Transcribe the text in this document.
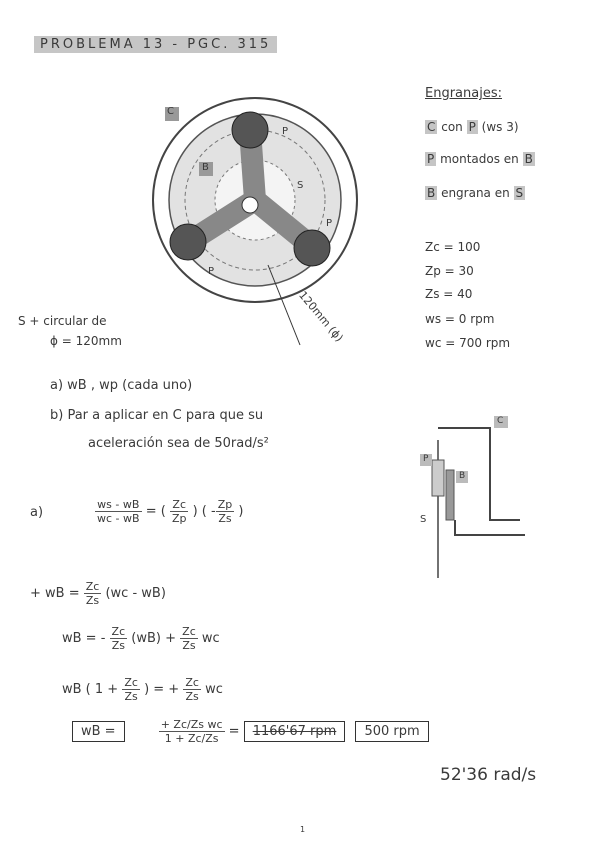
PROBLEMA 13 - PGC. 315
C
B
S
P
P
P
120mm (ϕ)
Engranajes:
C con P (ws 3)
P montados en B
B engrana en S
Zc = 100
Zp = 30
Zs = 40
ws = 0 rpm
wc = 700 rpm
S + circular de
ϕ = 120mm
a) wB , wp (cada uno)
b) Par a aplicar en C para que su
aceleración sea de 50rad/s²
C
P
B
S
a)	$\frac{ws - wB}{wc - wB}$ = ( $\frac{Zc}{Zp}$ ) ( - $\frac{Zp}{Zs}$ )
+ wB = $\frac{Zc}{Zs} (wc - wB)$
wB = - $\frac{Zc}{Zs} (wB) + \frac{Zc}{Zs}$ wc
wB ( $1 + \frac{Zc}{Zs}$ ) = + $\frac{Zc}{Zs}$ wc
wB =	$\frac{\text{+ Zc/Zs wc}}{1 + Zc/Zs} = 1166'67$ rpm 500 rpm
52'36 rad/s
1
